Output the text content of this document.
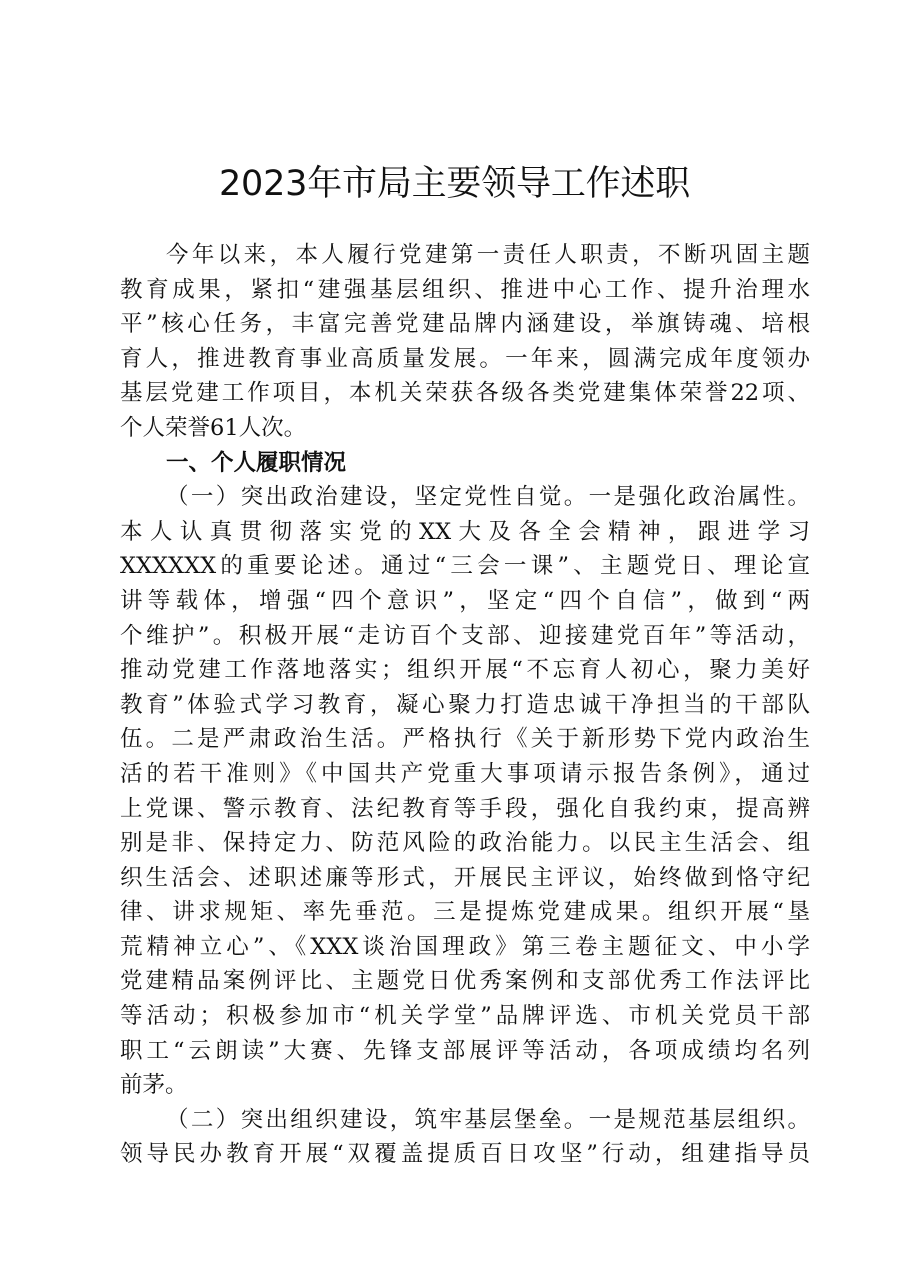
2023年市局主要领导工作述职
今年以来，本人履行党建第一责任人职责，不断巩固主题
教育成果，紧扣“建强基层组织、推进中心工作、提升治理水
平”核心任务，丰富完善党建品牌内涵建设，举旗铸魂、培根
育人，推进教育事业高质量发展。一年来，圆满完成年度领办
基层党建工作项目，本机关荣获各级各类党建集体荣誉22项、
个人荣誉61人次。
一、个人履职情况
（一）突出政治建设，坚定党性自觉。一是强化政治属性。
本人认真贯彻落实党的XX大及各全会精神，跟进学习
XXXXXX的重要论述。通过“三会一课”、主题党日、理论宣
讲等载体，增强“四个意识”，坚定“四个自信”，做到“两
个维护”。积极开展“走访百个支部、迎接建党百年”等活动，
推动党建工作落地落实；组织开展“不忘育人初心，聚力美好
教育”体验式学习教育，凝心聚力打造忠诚干净担当的干部队
伍。二是严肃政治生活。严格执行《关于新形势下党内政治生
活的若干准则》《中国共产党重大事项请示报告条例》，通过
上党课、警示教育、法纪教育等手段，强化自我约束，提高辨
别是非、保持定力、防范风险的政治能力。以民主生活会、组
织生活会、述职述廉等形式，开展民主评议，始终做到恪守纪
律、讲求规矩、率先垂范。三是提炼党建成果。组织开展“垦
荒精神立心”、《XXX谈治国理政》第三卷主题征文、中小学
党建精品案例评比、主题党日优秀案例和支部优秀工作法评比
等活动；积极参加市“机关学堂”品牌评选、市机关党员干部
职工“云朗读”大赛、先锋支部展评等活动，各项成绩均名列
前茅。
（二）突出组织建设，筑牢基层堡垒。一是规范基层组织。
领导民办教育开展“双覆盖提质百日攻坚”行动，组建指导员
